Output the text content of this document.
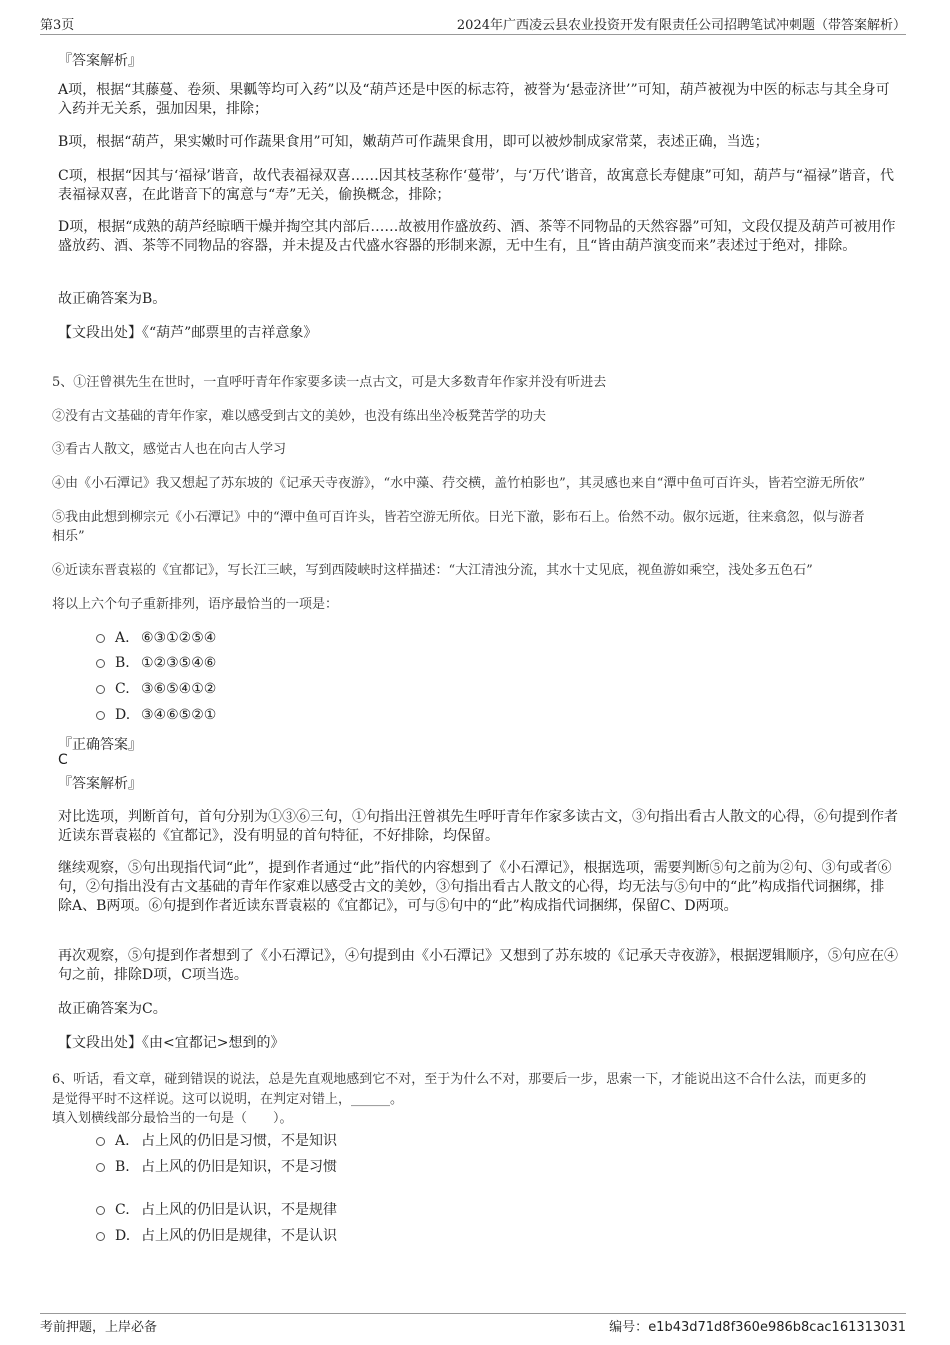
第3页	2024年广西凌云县农业投资开发有限责任公司招聘笔试冲刺题（带答案解析）
『答案解析』
A项，根据“其藤蔓、卷须、果瓤等均可入药”以及“葫芦还是中医的标志符，被誉为‘悬壶济世’”可知，葫芦被视为中医的标志与其全身可入药并无关系，强加因果，排除；
B项，根据“葫芦，果实嫩时可作蔬果食用”可知，嫩葫芦可作蔬果食用，即可以被炒制成家常菜，表述正确，当选；
C项，根据“因其与‘福禄’谐音，故代表福禄双喜……因其枝茎称作‘蔓带’，与‘万代’谐音，故寓意长寿健康”可知，葫芦与“福禄”谐音，代表福禄双喜，在此谐音下的寓意与“寿”无关，偷换概念，排除；
D项，根据“成熟的葫芦经晾晒干燥并掏空其内部后……故被用作盛放药、酒、茶等不同物品的天然容器”可知，文段仅提及葫芦可被用作盛放药、酒、茶等不同物品的容器，并未提及古代盛水容器的形制来源，无中生有，且“皆由葫芦演变而来”表述过于绝对，排除。
故正确答案为B。
【文段出处】《“葫芦”邮票里的吉祥意象》
5、①汪曾祺先生在世时，一直呼吁青年作家要多读一点古文，可是大多数青年作家并没有听进去
②没有古文基础的青年作家，难以感受到古文的美妙，也没有练出坐冷板凳苦学的功夫
③看古人散文，感觉古人也在向古人学习
④由《小石潭记》我又想起了苏东坡的《记承天寺夜游》，“水中藻、荇交横，盖竹柏影也”，其灵感也来自“潭中鱼可百许头，皆若空游无所依”
⑤我由此想到柳宗元《小石潭记》中的“潭中鱼可百许头，皆若空游无所依。日光下澈，影布石上。佁然不动。俶尔远逝，往来翕忽，似与游者
相乐”
⑥近读东晋袁崧的《宜都记》，写长江三峡，写到西陵峡时这样描述：“大江清浊分流，其水十丈见底，视鱼游如乘空，浅处多五色石”
将以上六个句子重新排列，语序最恰当的一项是：
A. ⑥③①②⑤④
B. ①②③⑤④⑥
C. ③⑥⑤④①②
D. ③④⑥⑤②①
『正确答案』
C
『答案解析』
对比选项，判断首句，首句分别为①③⑥三句，①句指出汪曾祺先生呼吁青年作家多读古文，③句指出看古人散文的心得，⑥句提到作者近读东晋袁崧的《宜都记》，没有明显的首句特征，不好排除，均保留。
继续观察，⑤句出现指代词“此”，提到作者通过“此”指代的内容想到了《小石潭记》，根据选项，需要判断⑤句之前为②句、③句或者⑥句，②句指出没有古文基础的青年作家难以感受古文的美妙，③句指出看古人散文的心得，均无法与⑤句中的“此”构成指代词捆绑，排除A、B两项。⑥句提到作者近读东晋袁崧的《宜都记》，可与⑤句中的“此”构成指代词捆绑，保留C、D两项。
再次观察，⑤句提到作者想到了《小石潭记》，④句提到由《小石潭记》又想到了苏东坡的《记承天寺夜游》，根据逻辑顺序，⑤句应在④句之前，排除D项，C项当选。
故正确答案为C。
【文段出处】《由<宜都记>想到的》
6、听话，看文章，碰到错误的说法，总是先直观地感到它不对，至于为什么不对，那要后一步，思索一下，才能说出这不合什么法，而更多的
是觉得平时不这样说。这可以说明，在判定对错上，______。
填入划横线部分最恰当的一句是（　　）。
A. 占上风的仍旧是习惯，不是知识
B. 占上风的仍旧是知识，不是习惯
C. 占上风的仍旧是认识，不是规律
D. 占上风的仍旧是规律，不是认识
考前押题，上岸必备	编号：e1b43d71d8f360e986b8cac161313031
